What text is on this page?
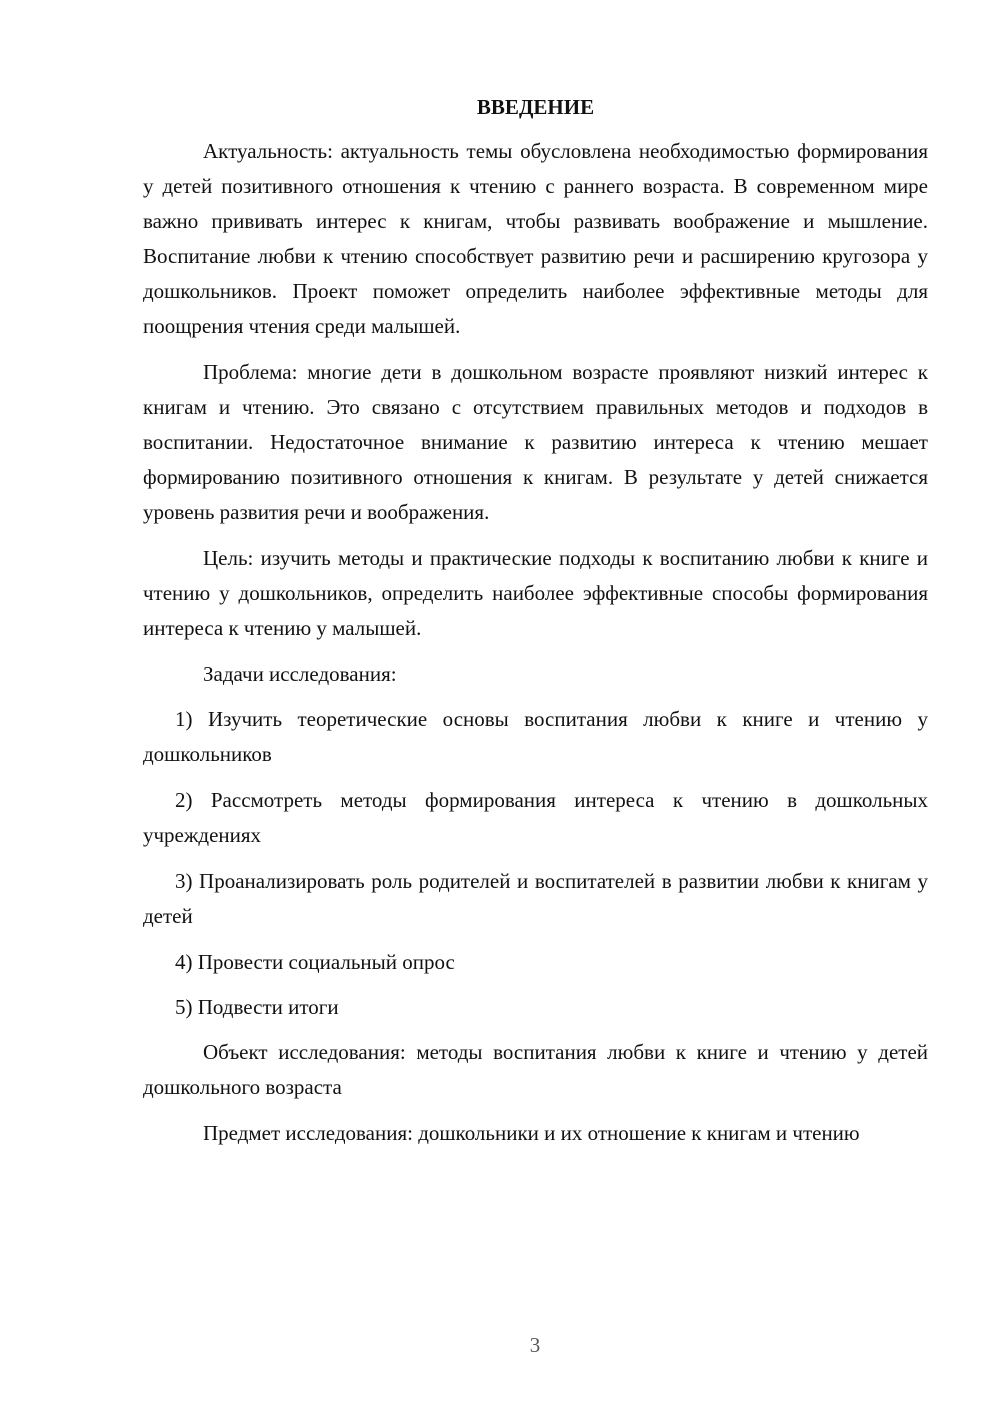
ВВЕДЕНИЕ

Актуальность: актуальность темы обусловлена необходимостью формирования у детей позитивного отношения к чтению с раннего возраста. В современном мире важно прививать интерес к книгам, чтобы развивать воображение и мышление. Воспитание любви к чтению способствует развитию речи и расширению кругозора у дошкольников. Проект поможет определить наиболее эффективные методы для поощрения чтения среди малышей.

Проблема: многие дети в дошкольном возрасте проявляют низкий интерес к книгам и чтению. Это связано с отсутствием правильных методов и подходов в воспитании. Недостаточное внимание к развитию интереса к чтению мешает формированию позитивного отношения к книгам. В результате у детей снижается уровень развития речи и воображения.

Цель: изучить методы и практические подходы к воспитанию любви к книге и чтению у дошкольников, определить наиболее эффективные способы формирования интереса к чтению у малышей.

Задачи исследования:

1) Изучить теоретические основы воспитания любви к книге и чтению у дошкольников

2) Рассмотреть методы формирования интереса к чтению в дошкольных учреждениях

3) Проанализировать роль родителей и воспитателей в развитии любви к книгам у детей

4) Провести социальный опрос

5) Подвести итоги

Объект исследования: методы воспитания любви к книге и чтению у детей дошкольного возраста

Предмет исследования: дошкольники и их отношение к книгам и чтению

3
